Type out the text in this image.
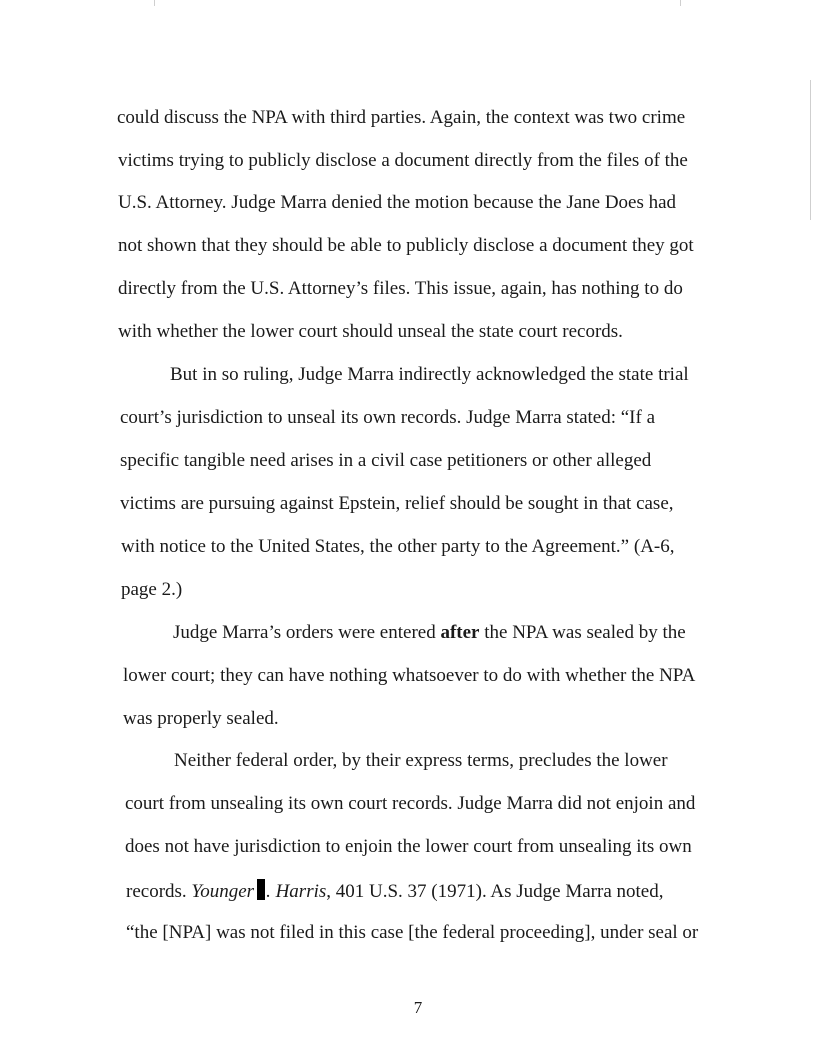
could discuss the NPA with third parties. Again, the context was two crime
victims trying to publicly disclose a document directly from the files of the
U.S. Attorney. Judge Marra denied the motion because the Jane Does had
not shown that they should be able to publicly disclose a document they got
directly from the U.S. Attorney’s files. This issue, again, has nothing to do
with whether the lower court should unseal the state court records.
But in so ruling, Judge Marra indirectly acknowledged the state trial
court’s jurisdiction to unseal its own records. Judge Marra stated: “If a
specific tangible need arises in a civil case petitioners or other alleged
victims are pursuing against Epstein, relief should be sought in that case,
with notice to the United States, the other party to the Agreement.” (A-6,
page 2.)
Judge Marra’s orders were entered after the NPA was sealed by the
lower court; they can have nothing whatsoever to do with whether the NPA
was properly sealed.
Neither federal order, by their express terms, precludes the lower
court from unsealing its own court records. Judge Marra did not enjoin and
does not have jurisdiction to enjoin the lower court from unsealing its own
records. Younger . Harris, 401 U.S. 37 (1971). As Judge Marra noted,
“the [NPA] was not filed in this case [the federal proceeding], under seal or
7
